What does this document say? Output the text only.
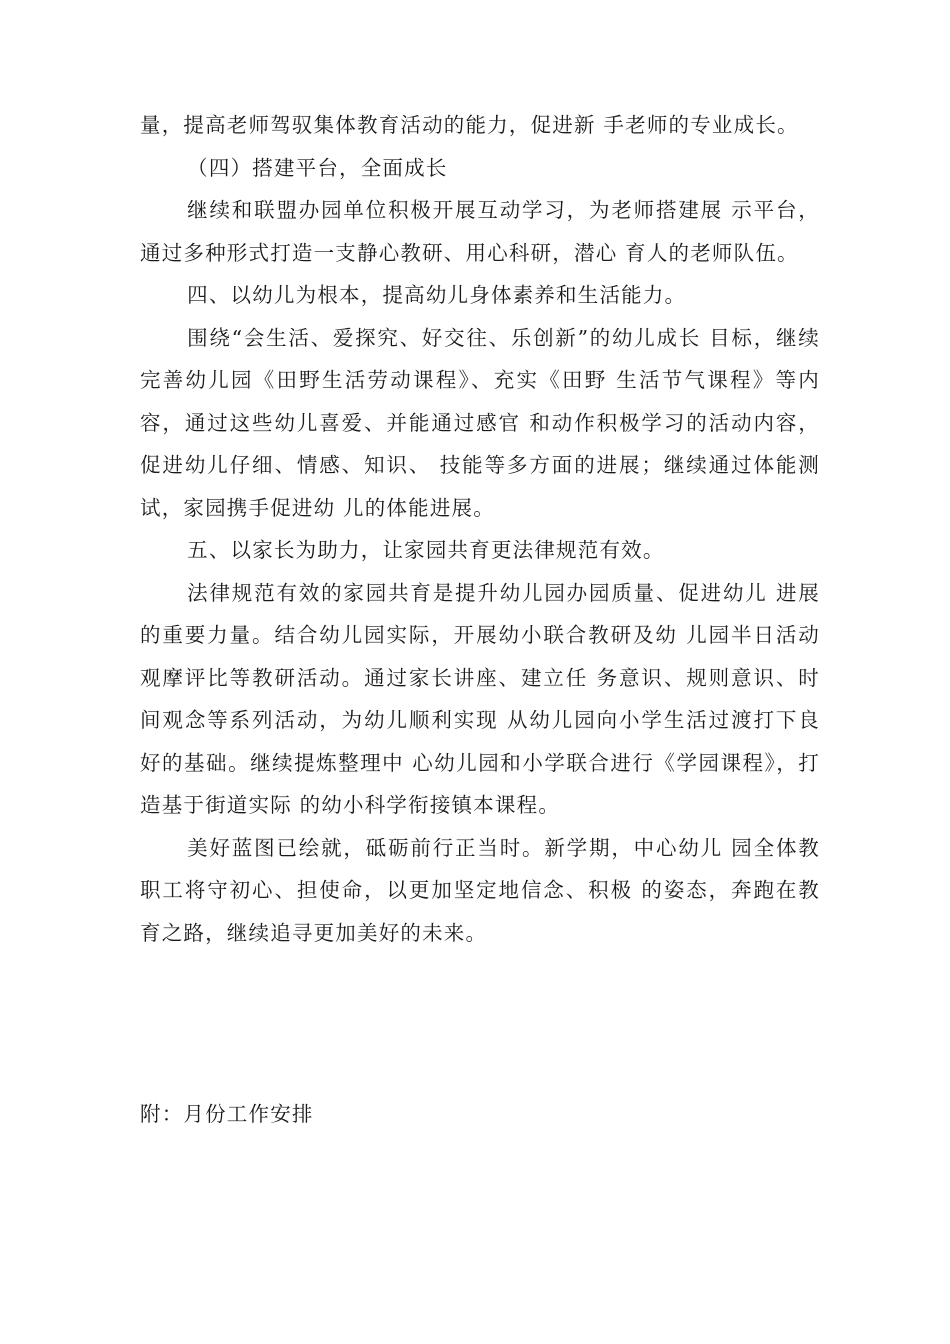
量，提高老师驾驭集体教育活动的能力，促进新 手老师的专业成长。

（四）搭建平台，全面成长

继续和联盟办园单位积极开展互动学习，为老师搭建展 示平台，通过多种形式打造一支静心教研、用心科研，潜心 育人的老师队伍。

四、以幼儿为根本，提高幼儿身体素养和生活能力。

围绕“会生活、爱探究、好交往、乐创新”的幼儿成长 目标，继续完善幼儿园《田野生活劳动课程》、充实《田野 生活节气课程》等内容，通过这些幼儿喜爱、并能通过感官 和动作积极学习的活动内容，促进幼儿仔细、情感、知识、 技能等多方面的进展；继续通过体能测试，家园携手促进幼 儿的体能进展。

五、以家长为助力，让家园共育更法律规范有效。

法律规范有效的家园共育是提升幼儿园办园质量、促进幼儿 进展的重要力量。结合幼儿园实际，开展幼小联合教研及幼 儿园半日活动观摩评比等教研活动。通过家长讲座、建立任 务意识、规则意识、时间观念等系列活动，为幼儿顺利实现 从幼儿园向小学生活过渡打下良好的基础。继续提炼整理中 心幼儿园和小学联合进行《学园课程》，打造基于街道实际 的幼小科学衔接镇本课程。

美好蓝图已绘就，砥砺前行正当时。新学期，中心幼儿 园全体教职工将守初心、担使命，以更加坚定地信念、积极 的姿态，奔跑在教育之路，继续追寻更加美好的未来。

附：月份工作安排
